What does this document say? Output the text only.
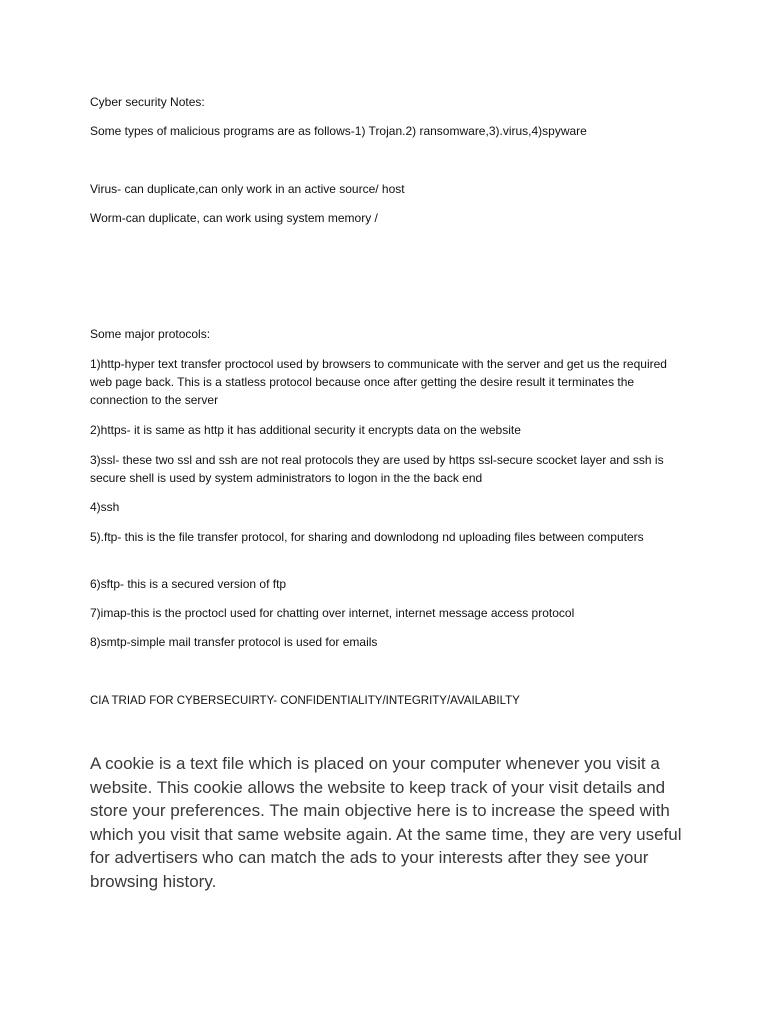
Cyber security Notes:
Some types of malicious programs are as follows-1) Trojan.2) ransomware,3).virus,4)spyware
Virus- can duplicate,can only work in an active source/ host
Worm-can duplicate, can work using system memory /
Some major protocols:
1)http-hyper text transfer proctocol used by browsers to communicate with the server and get us the required web page back. This is a statless protocol because once after getting the desire result it terminates the connection to the server
2)https- it is same as http it has additional security it encrypts data on the website
3)ssl- these two ssl and ssh are not real protocols they are used by https ssl-secure scocket layer and ssh is secure shell is used by system administrators to logon in the the back end
4)ssh
5).ftp- this is the file transfer protocol, for sharing and downlodong nd uploading files between computers
6)sftp- this is a secured version of ftp
7)imap-this is the proctocl used for chatting over internet, internet message access protocol
8)smtp-simple mail transfer protocol is used for emails
CIA TRIAD FOR CYBERSECUIRTY- CONFIDENTIALITY/INTEGRITY/AVAILABILTY
A cookie is a text file which is placed on your computer whenever you visit a website. This cookie allows the website to keep track of your visit details and store your preferences. The main objective here is to increase the speed with which you visit that same website again. At the same time, they are very useful for advertisers who can match the ads to your interests after they see your browsing history.
